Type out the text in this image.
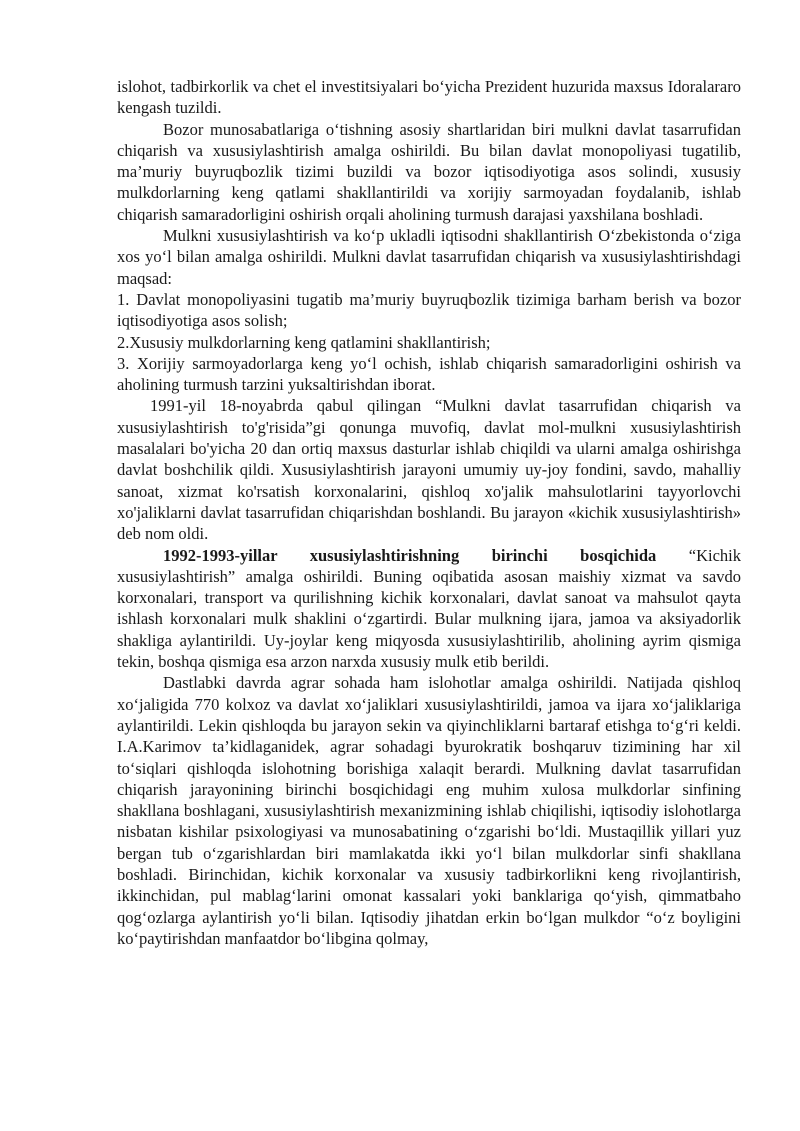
islohot, tadbirkorlik va chet el investitsiyalari bo‘yicha Prezident huzurida maxsus Idoralararo kengash tuzildi.

Bozor munosabatlariga o‘tishning asosiy shartlaridan biri mulkni davlat tasarrufidan chiqarish va xususiylashtirish amalga oshirildi. Bu bilan davlat monopoliyasi tugatilib, ma’muriy buyruqbozlik tizimi buzildi va bozor iqtisodiyotiga asos solindi, xususiy mulkdorlarning keng qatlami shakllantirildi va xorijiy sarmoyadan foydalanib, ishlab chiqarish samaradorligini oshirish orqali aholining turmush darajasi yaxshilana boshladi.

Mulkni xususiylashtirish va ko‘p ukladli iqtisodni shakllantirish O‘zbekistonda o‘ziga xos yo‘l bilan amalga oshirildi. Mulkni davlat tasarrufidan chiqarish va xususiylashtirishdagi maqsad:

1. Davlat monopoliyasini tugatib ma’muriy buyruqbozlik tizimiga barham berish va bozor iqtisodiyotiga asos solish;

2.Xususiy mulkdorlarning keng qatlamini shakllantirish;

3. Xorijiy sarmoyadorlarga keng yo‘l ochish, ishlab chiqarish samaradorligini oshirish va aholining turmush tarzini yuksaltirishdan iborat.

1991-yil 18-noyabrda qabul qilingan “Mulkni davlat tasarrufidan chiqarish va xususiylashtirish to'g'risida”gi qonunga muvofiq, davlat mol-mulkni xususiylashtirish masalalari bo'yicha 20 dan ortiq maxsus dasturlar ishlab chiqildi va ularni amalga oshirishga davlat boshchilik qildi. Xususiylashtirish jarayoni umumiy uy-joy fondini, savdo, mahalliy sanoat, xizmat ko'rsatish korxonalarini, qishloq xo'jalik mahsulotlarini tayyorlovchi xo'jaliklarni davlat tasarrufidan chiqarishdan boshlandi. Bu jarayon «kichik xususiylashtirish» deb nom oldi.

1992-1993-yillar xususiylashtirishning birinchi bosqichida “Kichik xususiylashtirish” amalga oshirildi. Buning oqibatida asosan maishiy xizmat va savdo korxonalari, transport va qurilishning kichik korxonalari, davlat sanoat va mahsulot qayta ishlash korxonalari mulk shaklini o‘zgartirdi. Bular mulkning ijara, jamoa va aksiyadorlik shakliga aylantirildi. Uy-joylar keng miqyosda xususiylashtirilib, aholining ayrim qismiga tekin, boshqa qismiga esa arzon narxda xususiy mulk etib berildi.

Dastlabki davrda agrar sohada ham islohotlar amalga oshirildi. Natijada qishloq xo‘jaligida 770 kolxoz va davlat xo‘jaliklari xususiylashtirildi, jamoa va ijara xo‘jaliklariga aylantirildi. Lekin qishloqda bu jarayon sekin va qiyinchliklarni bartaraf etishga to‘g‘ri keldi. I.A.Karimov ta’kidlaganidek, agrar sohadagi byurokratik boshqaruv tizimining har xil to‘siqlari qishloqda islohotning borishiga xalaqit berardi. Mulkning davlat tasarrufidan chiqarish jarayonining birinchi bosqichidagi eng muhim xulosa mulkdorlar sinfining shakllana boshlagani, xususiylashtirish mexanizmining ishlab chiqilishi, iqtisodiy islohotlarga nisbatan kishilar psixologiyasi va munosabatining o‘zgarishi bo‘ldi. Mustaqillik yillari yuz bergan tub o‘zgarishlardan biri mamlakatda ikki yo‘l bilan mulkdorlar sinfi shakllana boshladi. Birinchidan, kichik korxonalar va xususiy tadbirkorlikni keng rivojlantirish, ikkinchidan, pul mablag‘larini omonat kassalari yoki banklariga qo‘yish, qimmatbaho qog‘ozlarga aylantirish yo‘li bilan. Iqtisodiy jihatdan erkin bo‘lgan mulkdor “o‘z boyligini ko‘paytirishdan manfaatdor bo‘libgina qolmay,
